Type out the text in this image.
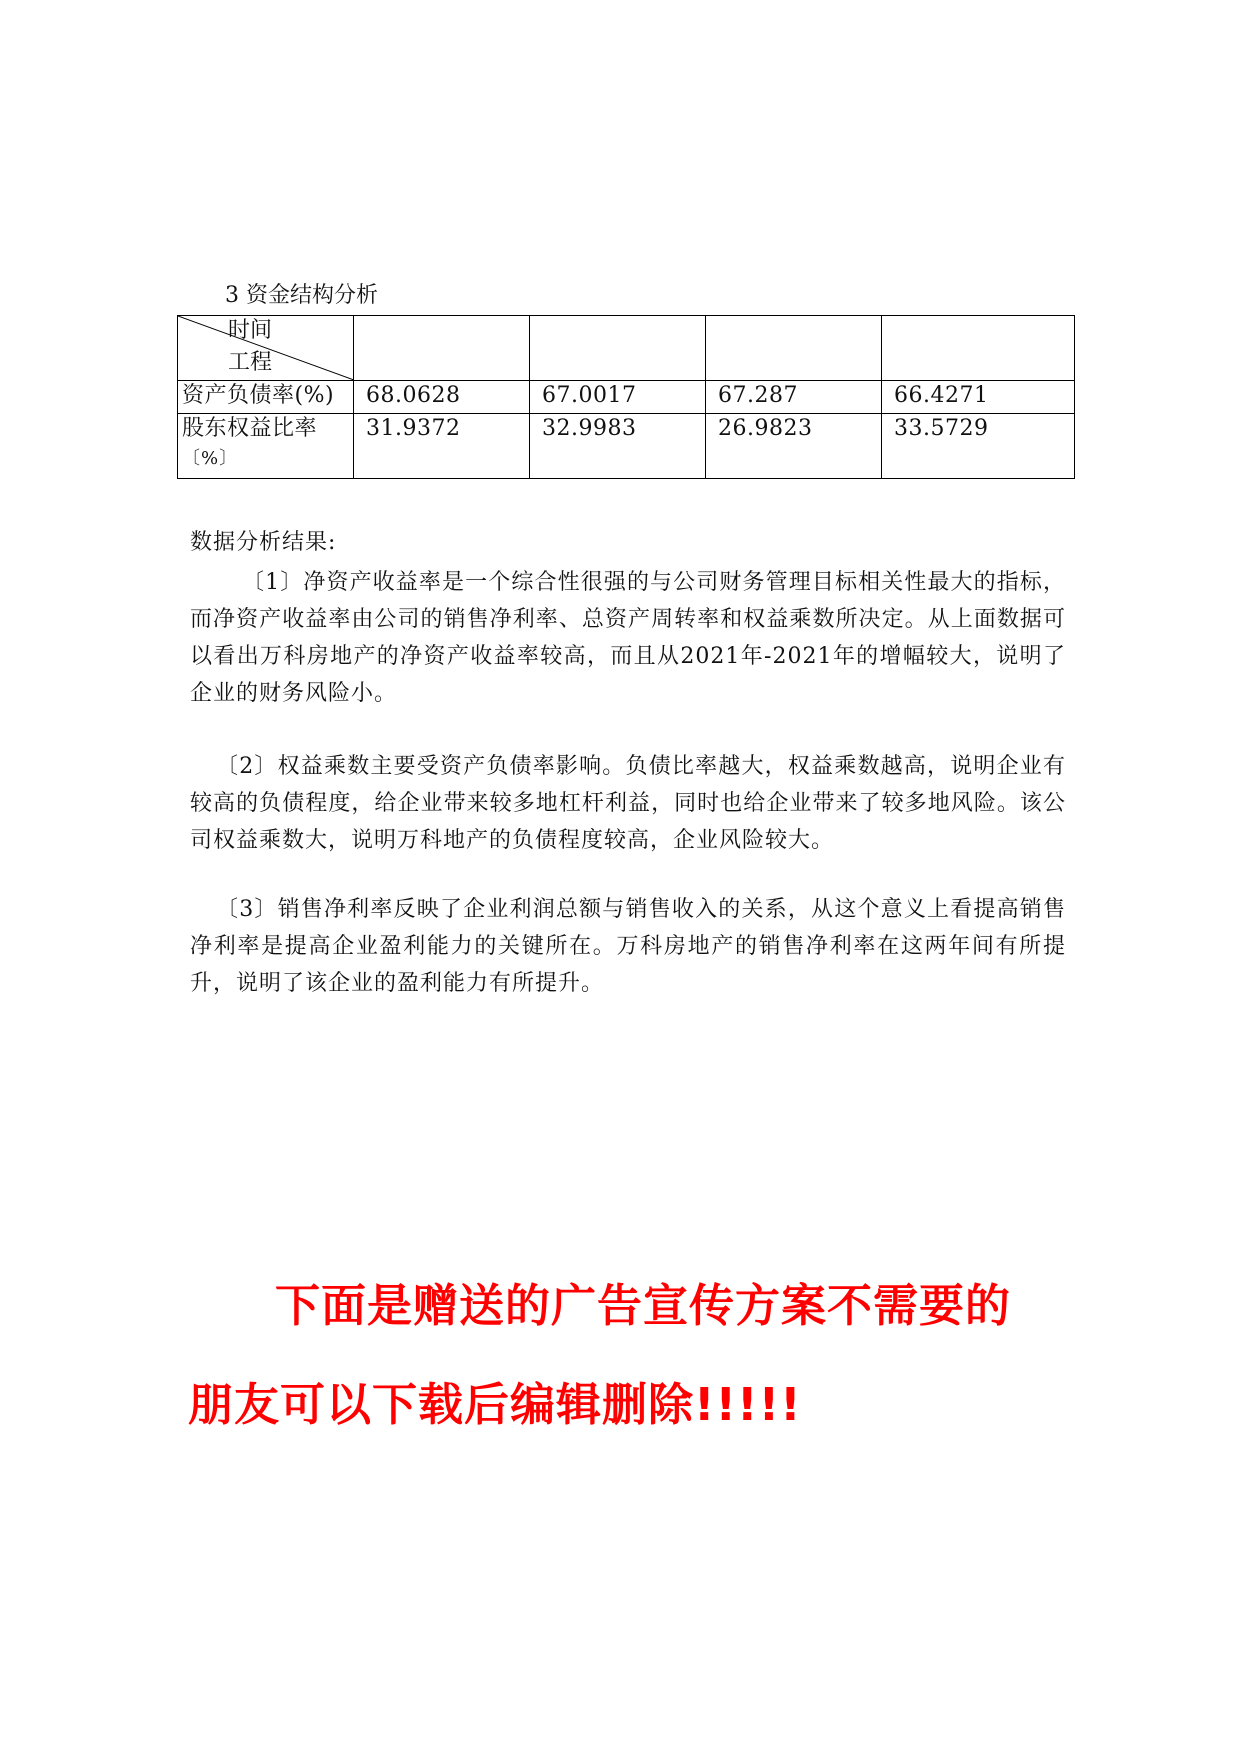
3 资金结构分析
时间
工程				

资产负债率(%)	68.0628	67.0017	67.287	66.4271

股东权益比率
〔%〕	31.9372	32.9983	26.9823	33.5729
数据分析结果:

〔1〕净资产收益率是一个综合性很强的与公司财务管理目标相关性最大的指标，而净资产收益率由公司的销售净利率、总资产周转率和权益乘数所决定。从上面数据可以看出万科房地产的净资产收益率较高，而且从2021年-2021年的增幅较大，说明了企业的财务风险小。

〔2〕权益乘数主要受资产负债率影响。负债比率越大，权益乘数越高，说明企业有较高的负债程度，给企业带来较多地杠杆利益，同时也给企业带来了较多地风险。该公司权益乘数大，说明万科地产的负债程度较高，企业风险较大。

〔3〕销售净利率反映了企业利润总额与销售收入的关系，从这个意义上看提高销售净利率是提高企业盈利能力的关键所在。万科房地产的销售净利率在这两年间有所提升，说明了该企业的盈利能力有所提升。

下面是赠送的广告宣传方案不需要的
朋友可以下载后编辑删除!!!!!
